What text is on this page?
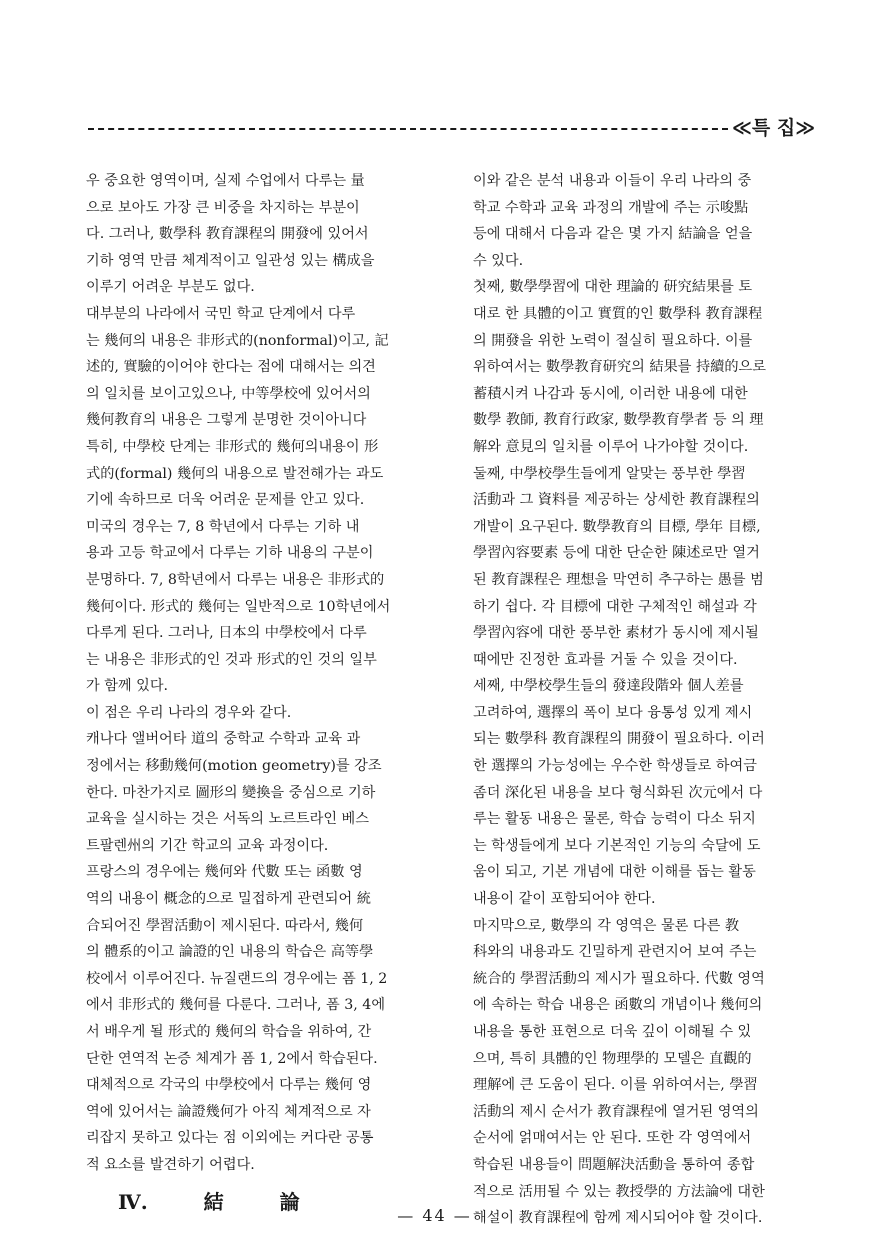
≪특 집≫
우 중요한 영역이며, 실제 수업에서 다루는 量
으로 보아도 가장 큰 비중을 차지하는 부분이
다. 그러나, 數學科 教育課程의 開發에 있어서
기하 영역 만큼 체계적이고 일관성 있는 構成을
이루기 어려운 부분도 없다.
대부분의 나라에서 국민 학교 단계에서 다루
는 幾何의 내용은 非形式的(nonformal)이고, 記
述的, 實驗的이어야 한다는 점에 대해서는 의견
의 일치를 보이고있으나, 中等學校에 있어서의
幾何教育의 내용은 그렇게 분명한 것이아니다
특히, 中學校 단계는 非形式的 幾何의내용이 形
式的(formal) 幾何의 내용으로 발전해가는 과도
기에 속하므로 더욱 어려운 문제를 안고 있다.
미국의 경우는 7, 8 학년에서 다루는 기하 내
용과 고등 학교에서 다루는 기하 내용의 구분이
분명하다. 7, 8학년에서 다루는 내용은 非形式的
幾何이다. 形式的 幾何는 일반적으로 10학년에서
다루게 된다. 그러나, 日本의 中學校에서 다루
는 내용은 非形式的인 것과 形式的인 것의 일부
가 함께 있다.
이 점은 우리 나라의 경우와 같다.
캐나다 앨버어타 道의 중학교 수학과 교육 과
정에서는 移動幾何(motion geometry)를 강조
한다. 마찬가지로 圖形의 變換을 중심으로 기하
교육을 실시하는 것은 서독의 노르트라인 베스
트팔렌州의 기간 학교의 교육 과정이다.
프랑스의 경우에는 幾何와 代數 또는 函數 영
역의 내용이 概念的으로 밀접하게 관련되어 統
合되어진 學習活動이 제시된다. 따라서, 幾何
의 體系的이고 論證的인 내용의 학습은 高等學
校에서 이루어진다. 뉴질랜드의 경우에는 폼 1, 2
에서 非形式的 幾何를 다룬다. 그러나, 폼 3, 4에
서 배우게 될 形式的 幾何의 학습을 위하여, 간
단한 연역적 논증 체계가 폼 1, 2에서 학습된다.
대체적으로 각국의 中學校에서 다루는 幾何 영
역에 있어서는 論證幾何가 아직 체계적으로 자
리잡지 못하고 있다는 점 이외에는 커다란 공통
적 요소를 발견하기 어렵다.
Ⅳ.	結	論
이와 같은 분석 내용과 이들이 우리 나라의 중
학교 수학과 교육 과정의 개발에 주는 示唆點
등에 대해서 다음과 같은 몇 가지 結論을 얻을
수 있다.
첫째, 數學學習에 대한 理論的 研究結果를 토
대로 한 具體的이고 實質的인 數學科 教育課程
의 開發을 위한 노력이 절실히 필요하다. 이를
위하여서는 數學教育研究의 結果를 持續的으로
蓄積시켜 나감과 동시에, 이러한 내용에 대한
數學 教師, 教育行政家, 數學教育學者 등 의 理
解와 意見의 일치를 이루어 나가야할 것이다.
둘째, 中學校學生들에게 알맞는 풍부한 學習
活動과 그 資料를 제공하는 상세한 教育課程의
개발이 요구된다. 數學教育의 目標, 學年 目標,
學習內容要素 등에 대한 단순한 陳述로만 열거
된 教育課程은 理想을 막연히 추구하는 愚를 범
하기 쉽다. 각 目標에 대한 구체적인 해설과 각
學習內容에 대한 풍부한 素材가 동시에 제시될
때에만 진정한 효과를 거둘 수 있을 것이다.
세째, 中學校學生들의 發達段階와 個人差를
고려하여, 選擇의 폭이 보다 융통성 있게 제시
되는 數學科 教育課程의 開發이 필요하다. 이러
한 選擇의 가능성에는 우수한 학생들로 하여금
좀더 深化된 내용을 보다 형식화된 次元에서 다
루는 활동 내용은 물론, 학습 능력이 다소 뒤지
는 학생들에게 보다 기본적인 기능의 숙달에 도
움이 되고, 기본 개념에 대한 이해를 돕는 활동
내용이 같이 포함되어야 한다.
마지막으로, 數學의 각 영역은 물론 다른 教
科와의 내용과도 긴밀하게 관련지어 보여 주는
統合的 學習活動의 제시가 필요하다. 代數 영역
에 속하는 학습 내용은 函數의 개념이나 幾何의
내용을 통한 표현으로 더욱 깊이 이해될 수 있
으며, 특히 具體的인 物理學的 모델은 直觀的
理解에 큰 도움이 된다. 이를 위하여서는, 學習
活動의 제시 순서가 教育課程에 열거된 영역의
순서에 얽매여서는 안 된다. 또한 각 영역에서
학습된 내용들이 問題解決活動을 통하여 종합
적으로 活用될 수 있는 教授學的 方法論에 대한
해설이 教育課程에 함께 제시되어야 할 것이다.
— 44 —
